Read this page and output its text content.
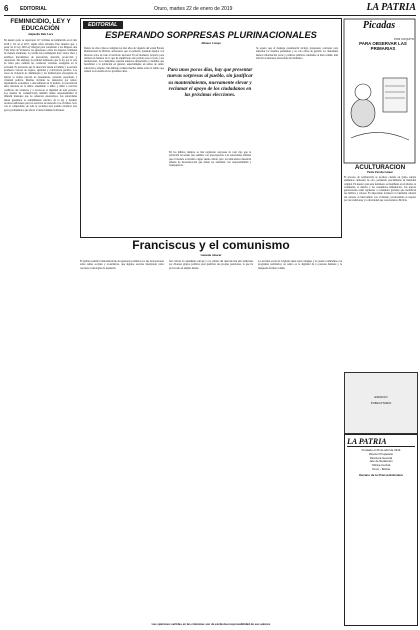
6 EDITORIAL	Oruro, martes 22 de enero de 2019	LA PATRIA
FEMINICIDIO, LEY Y EDUCACIÓN
Alejandro Ruiz Lara
En nuestro país, se reportaron 117 víctimas de feminicidio en el año 2018 y 111 en el 2017, según cifras oficiales. Esto muestra que, a pesar de la Ley 348 Ley Integral para Garantizar a las Mujeres una Vida Libre de Violencia, las agresiones contra las mujeres continúan de manera alarmante. La norma fue promulgada hace varios años y establece mecanismos de prevención, atención, protección y reparación. Sin embargo la realidad demuestra que la ley por sí sola no basta para cambiar las conductas violentas arraigadas en la sociedad. Es necesario que la educación desde la familia y la escuela promueva valores de respeto, igualdad y convivencia pacífica. Los casos de violencia no disminuyen y las instituciones encargadas de aplicar la norma carecen de presupuesto, personal capacitado y voluntad política. Muchas víctimas no denuncian por temor, dependencia económica o desconfianza en la justicia. La prevención debe iniciarse en la niñez, enseñando a niños y niñas a resolver conflictos sin violencia y a reconocer la dignidad de toda persona. Los medios de comunicación también tienen responsabilidad al difundir mensajes que no refuercen estereotipos. Las autoridades deben garantizar el cumplimiento efectivo de la ley y destinar recursos suficientes para los servicios de atención a las víctimas. Solo con el compromiso de toda la sociedad será posible erradicar esta grave problemática que afecta a tantas familias bolivianas.
EDITORIAL
ESPERANDO SORPRESAS PLURINACIONALES
Alfonso Crespo
Dentro de cinco días se cumplen los diez años de vigencia del actual Estado Plurinacional de Bolivia, aniversario que el gobierno pretende festejar con diversos actos en todo el territorio nacional. Es un momento propicio para realizar un balance de lo que ha significado este periodo para el país y sus instituciones. Los ciudadanos esperan anuncios importantes y medidas que beneficien a la población en general, especialmente en temas de salud, educación y empleo. Sin embargo existen muchas dudas sobre el rumbo que tomará la economía en los próximos años.	Para unos pocos días, hay que presentar nuevas sorpresas al pueblo, sin justificar su mantenimiento, nuevamente elevar y reclamar el apoyo de los ciudadanos en las próximas elecciones.
En los últimos tiempos se han registrado sorpresas de todo tipo que la población ha tenido que asimilar con preocupación. Las autoridades afirman que el modelo económico sigue siendo sólido, pero los indicadores muestran señales de desaceleración que deben ser atendidas con responsabilidad y transparencia.
Se espera que el mensaje presidencial incluya propuestas concretas para enfrentar los desafíos pendientes y no solo cifras de gestión. La ciudadanía merece información veraz y políticas públicas orientadas al bien común, más allá de los intereses electorales del momento.
Franciscus y el comunismo
Gonzalo Alcocer
El primer pontífice latinoamericano ha generado polémica por sus declaraciones sobre temas sociales y económicos, que algunos sectores interpretan como cercanas a ideologías de izquierda.
Sus críticas al capitalismo salvaje y a la cultura del descarte han sido utilizadas por diversos grupos políticos para justificar sus propias posiciones, lo que ha provocado un amplio debate.
La doctrina social de la Iglesia tiene raíces antiguas y no puede confundirse con programas partidarios; su centro es la dignidad de la persona humana y la búsqueda del bien común.
Picadas
POR COQUITO
PARA OBSERVAR LAS PRIMARIAS
ACULTURACIÓN
Pedro Parada Gómez
El proceso de aculturación se produce cuando un grupo adopta elementos culturales de otro, perdiendo parcialmente su identidad original. En nuestro país este fenómeno se manifiesta en el idioma, la vestimenta, la música y las costumbres alimenticias. Las nuevas generaciones están expuestas a contenidos globales que modifican sus hábitos y valores. Es importante fortalecer la identidad cultural sin cerrarse al intercambio con el mundo, promoviendo el respeto por las tradiciones y la diversidad que caracterizan a Bolivia.
ESPACIO
PUBLICITARIO
LA PATRIA
Fundado el 26 de abril de 1919
Director Propietario
Directora General
Jefe de Redacción
Oficina Central
Oruro - Bolivia
Decano de la Prensa Boliviana
Las opiniones vertidas en las columnas son de exclusiva responsabilidad de sus autores
